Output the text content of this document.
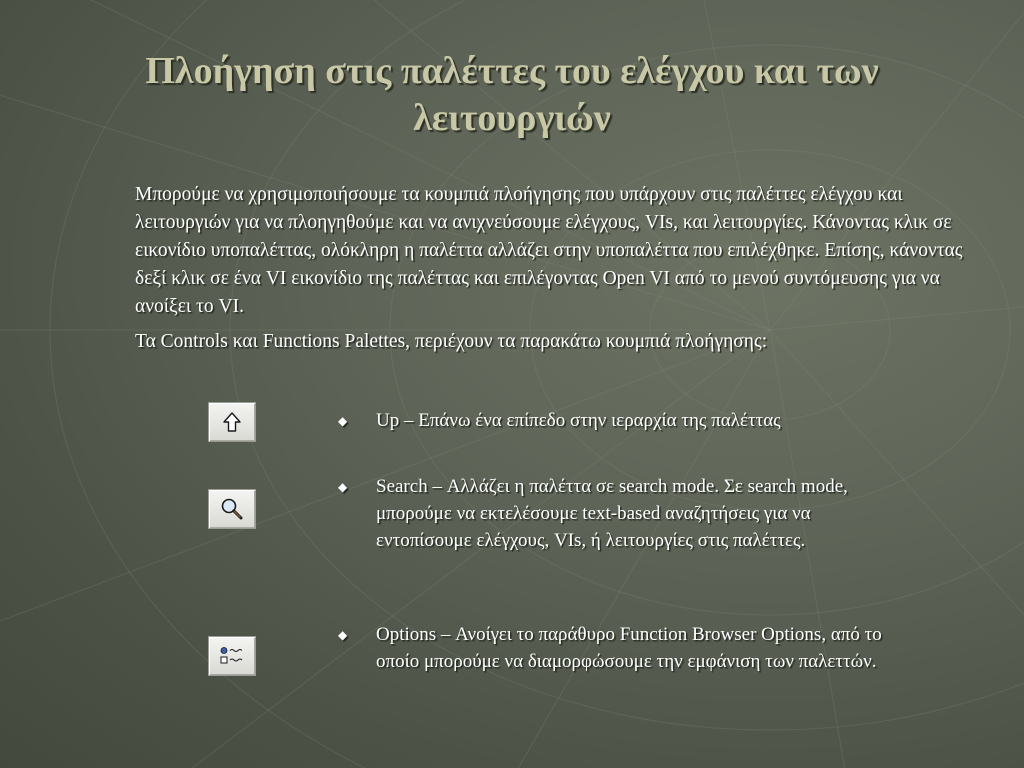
Πλοήγηση στις παλέττες του ελέγχου και των λειτουργιών

Μπορούμε να χρησιμοποιήσουμε τα κουμπιά πλοήγησης που υπάρχουν στις παλέττες ελέγχου και λειτουργιών για να πλοηγηθούμε και να ανιχνεύσουμε ελέγχους, VIs, και λειτουργίες. Κάνοντας κλικ σε εικονίδιο υποπαλέττας, ολόκληρη η παλέττα αλλάζει στην υποπαλέττα που επιλέχθηκε. Επίσης, κάνοντας δεξί κλικ σε ένα VI εικονίδιο της παλέττας και επιλέγοντας Open VI από το μενού συντόμευσης για να ανοίξει το VI.

Τα Controls και Functions Palettes, περιέχουν τα παρακάτω κουμπιά πλοήγησης:

◆ Up – Επάνω ένα επίπεδο στην ιεραρχία της παλέττας
◆ Search – Αλλάζει η παλέττα σε search mode. Σε search mode, μπορούμε να εκτελέσουμε text-based αναζητήσεις για να εντοπίσουμε ελέγχους, VIs, ή λειτουργίες στις παλέττες.
◆ Options – Ανοίγει το παράθυρο Function Browser Options, από το οποίο μπορούμε να διαμορφώσουμε την εμφάνιση των παλεττών.
